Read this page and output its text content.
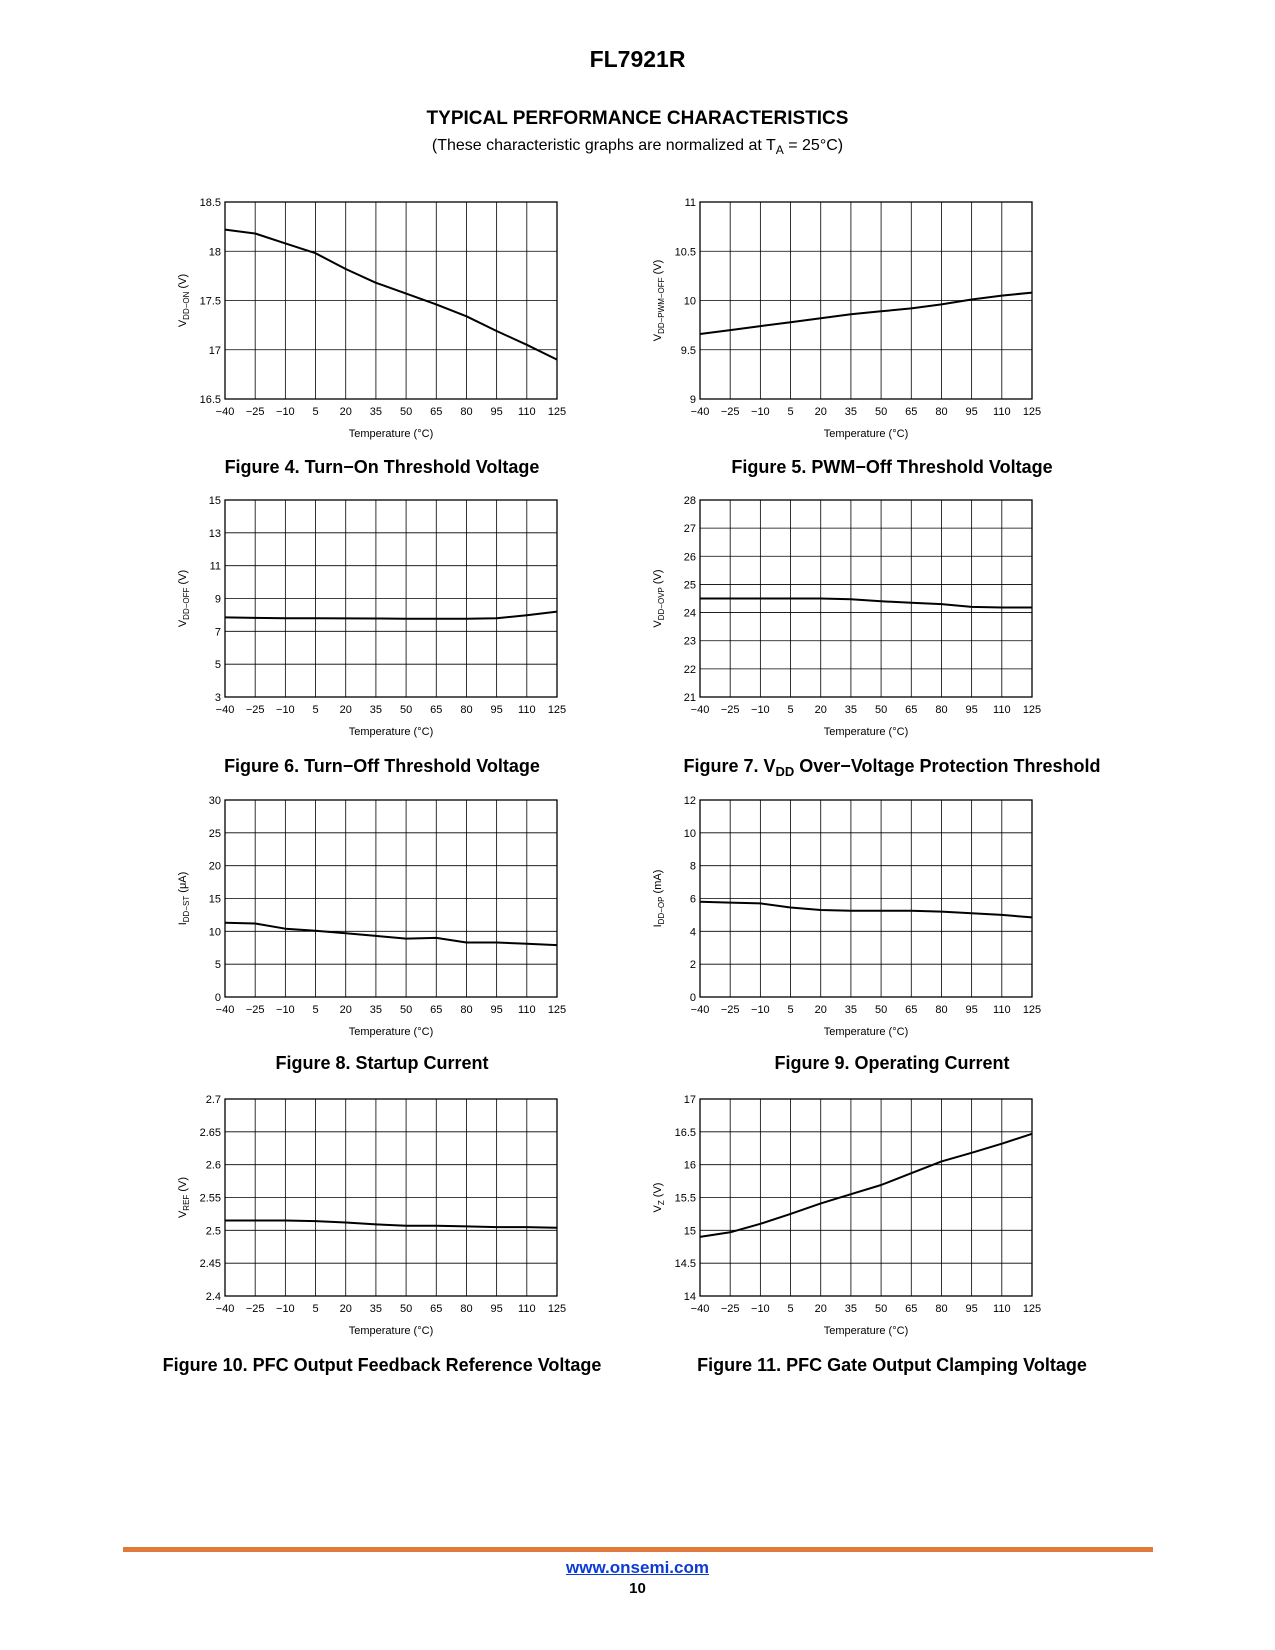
FL7921R
TYPICAL PERFORMANCE CHARACTERISTICS
(These characteristic graphs are normalized at $T_A = 25^\circ C$)
16.5
17
17.5
18
18.5
−40 −25 −10 5 20 35 50 65 80 95 110 125
Temperature (°C)
$V_{DD-ON}$ (V)
9
9.5
10
10.5
11
−40 −25 −10 5 20 35 50 65 80 95 110 125
Temperature (°C)
$V_{DD-PWM-OFF}$ (V)
Figure 4. Turn−On Threshold Voltage	Figure 5. PWM−Off Threshold Voltage
3
5
7
9
11
13
15
−40 −25 −10 5 20 35 50 65 80 95 110 125
Temperature (°C)
$V_{DD-OFF}$ (V)
21
22
23
24
25
26
27
28
−40 −25 −10 5 20 35 50 65 80 95 110 125
Temperature (°C)
$V_{DD-OVP}$ (V)
Figure 6. Turn−Off Threshold Voltage	Figure 7. $V_{DD}$ Over−Voltage Protection Threshold
0
5
10
15
20
25
30
−40 −25 −10 5 20 35 50 65 80 95 110 125
Temperature (°C)
$I_{DD-ST}$ (μA)
0
2
4
6
8
10
12
−40 −25 −10 5 20 35 50 65 80 95 110 125
Temperature (°C)
$I_{DD-OP}$ (mA)
Figure 8. Startup Current	Figure 9. Operating Current
2.4
2.45
2.5
2.55
2.6
2.65
2.7
−40 −25 −10 5 20 35 50 65 80 95 110 125
Temperature (°C)
$V_{REF}$ (V)
14
14.5
15
15.5
16
16.5
17
−40 −25 −10 5 20 35 50 65 80 95 110 125
Temperature (°C)
$V_Z$ (V)
Figure 10. PFC Output Feedback Reference Voltage	Figure 11. PFC Gate Output Clamping Voltage
www.onsemi.com
10
